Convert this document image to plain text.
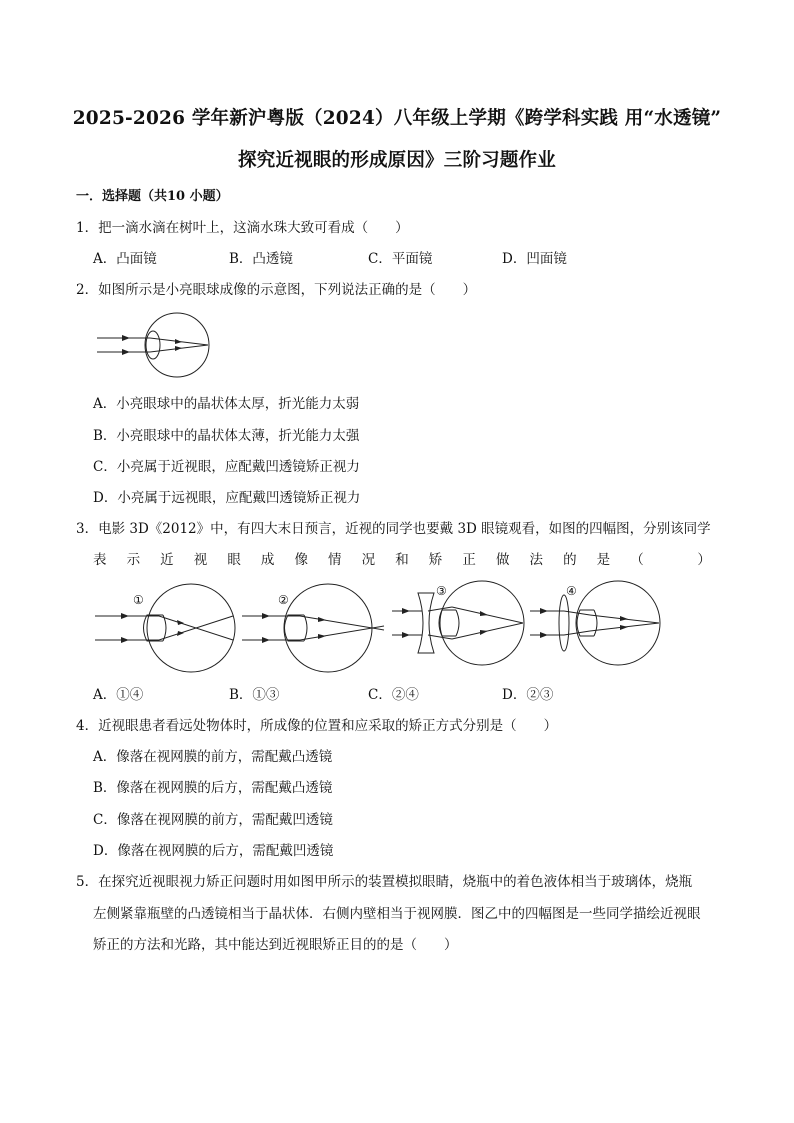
2025-2026 学年新沪粤版（2024）八年级上学期《跨学科实践 用“水透镜”
探究近视眼的形成原因》三阶习题作业
一．选择题（共10 小题）
1．把一滴水滴在树叶上，这滴水珠大致可看成（　　）
A．凸面镜	B．凸透镜	C．平面镜	D．凹面镜
2．如图所示是小亮眼球成像的示意图，下列说法正确的是（　　）
A．小亮眼球中的晶状体太厚，折光能力太弱
B．小亮眼球中的晶状体太薄，折光能力太强
C．小亮属于近视眼，应配戴凹透镜矫正视力
D．小亮属于远视眼，应配戴凹透镜矫正视力
3．电影 3D《2012》中，有四大末日预言，近视的同学也要戴 3D 眼镜观看，如图的四幅图，分别该同学
表 示 近 视 眼 成 像 情 况 和 矫 正 做 法 的 是 （
　	）
①	②
③	④
A．①④	B．①③	C．②④	D．②③
4．近视眼患者看远处物体时，所成像的位置和应采取的矫正方式分别是（　　）
A．像落在视网膜的前方，需配戴凸透镜
B．像落在视网膜的后方，需配戴凸透镜
C．像落在视网膜的前方，需配戴凹透镜
D．像落在视网膜的后方，需配戴凹透镜
5．在探究近视眼视力矫正问题时用如图甲所示的装置模拟眼睛，烧瓶中的着色液体相当于玻璃体，烧瓶
左侧紧靠瓶壁的凸透镜相当于晶状体．右侧内壁相当于视网膜．图乙中的四幅图是一些同学描绘近视眼
矫正的方法和光路，其中能达到近视眼矫正目的的是（　　）
